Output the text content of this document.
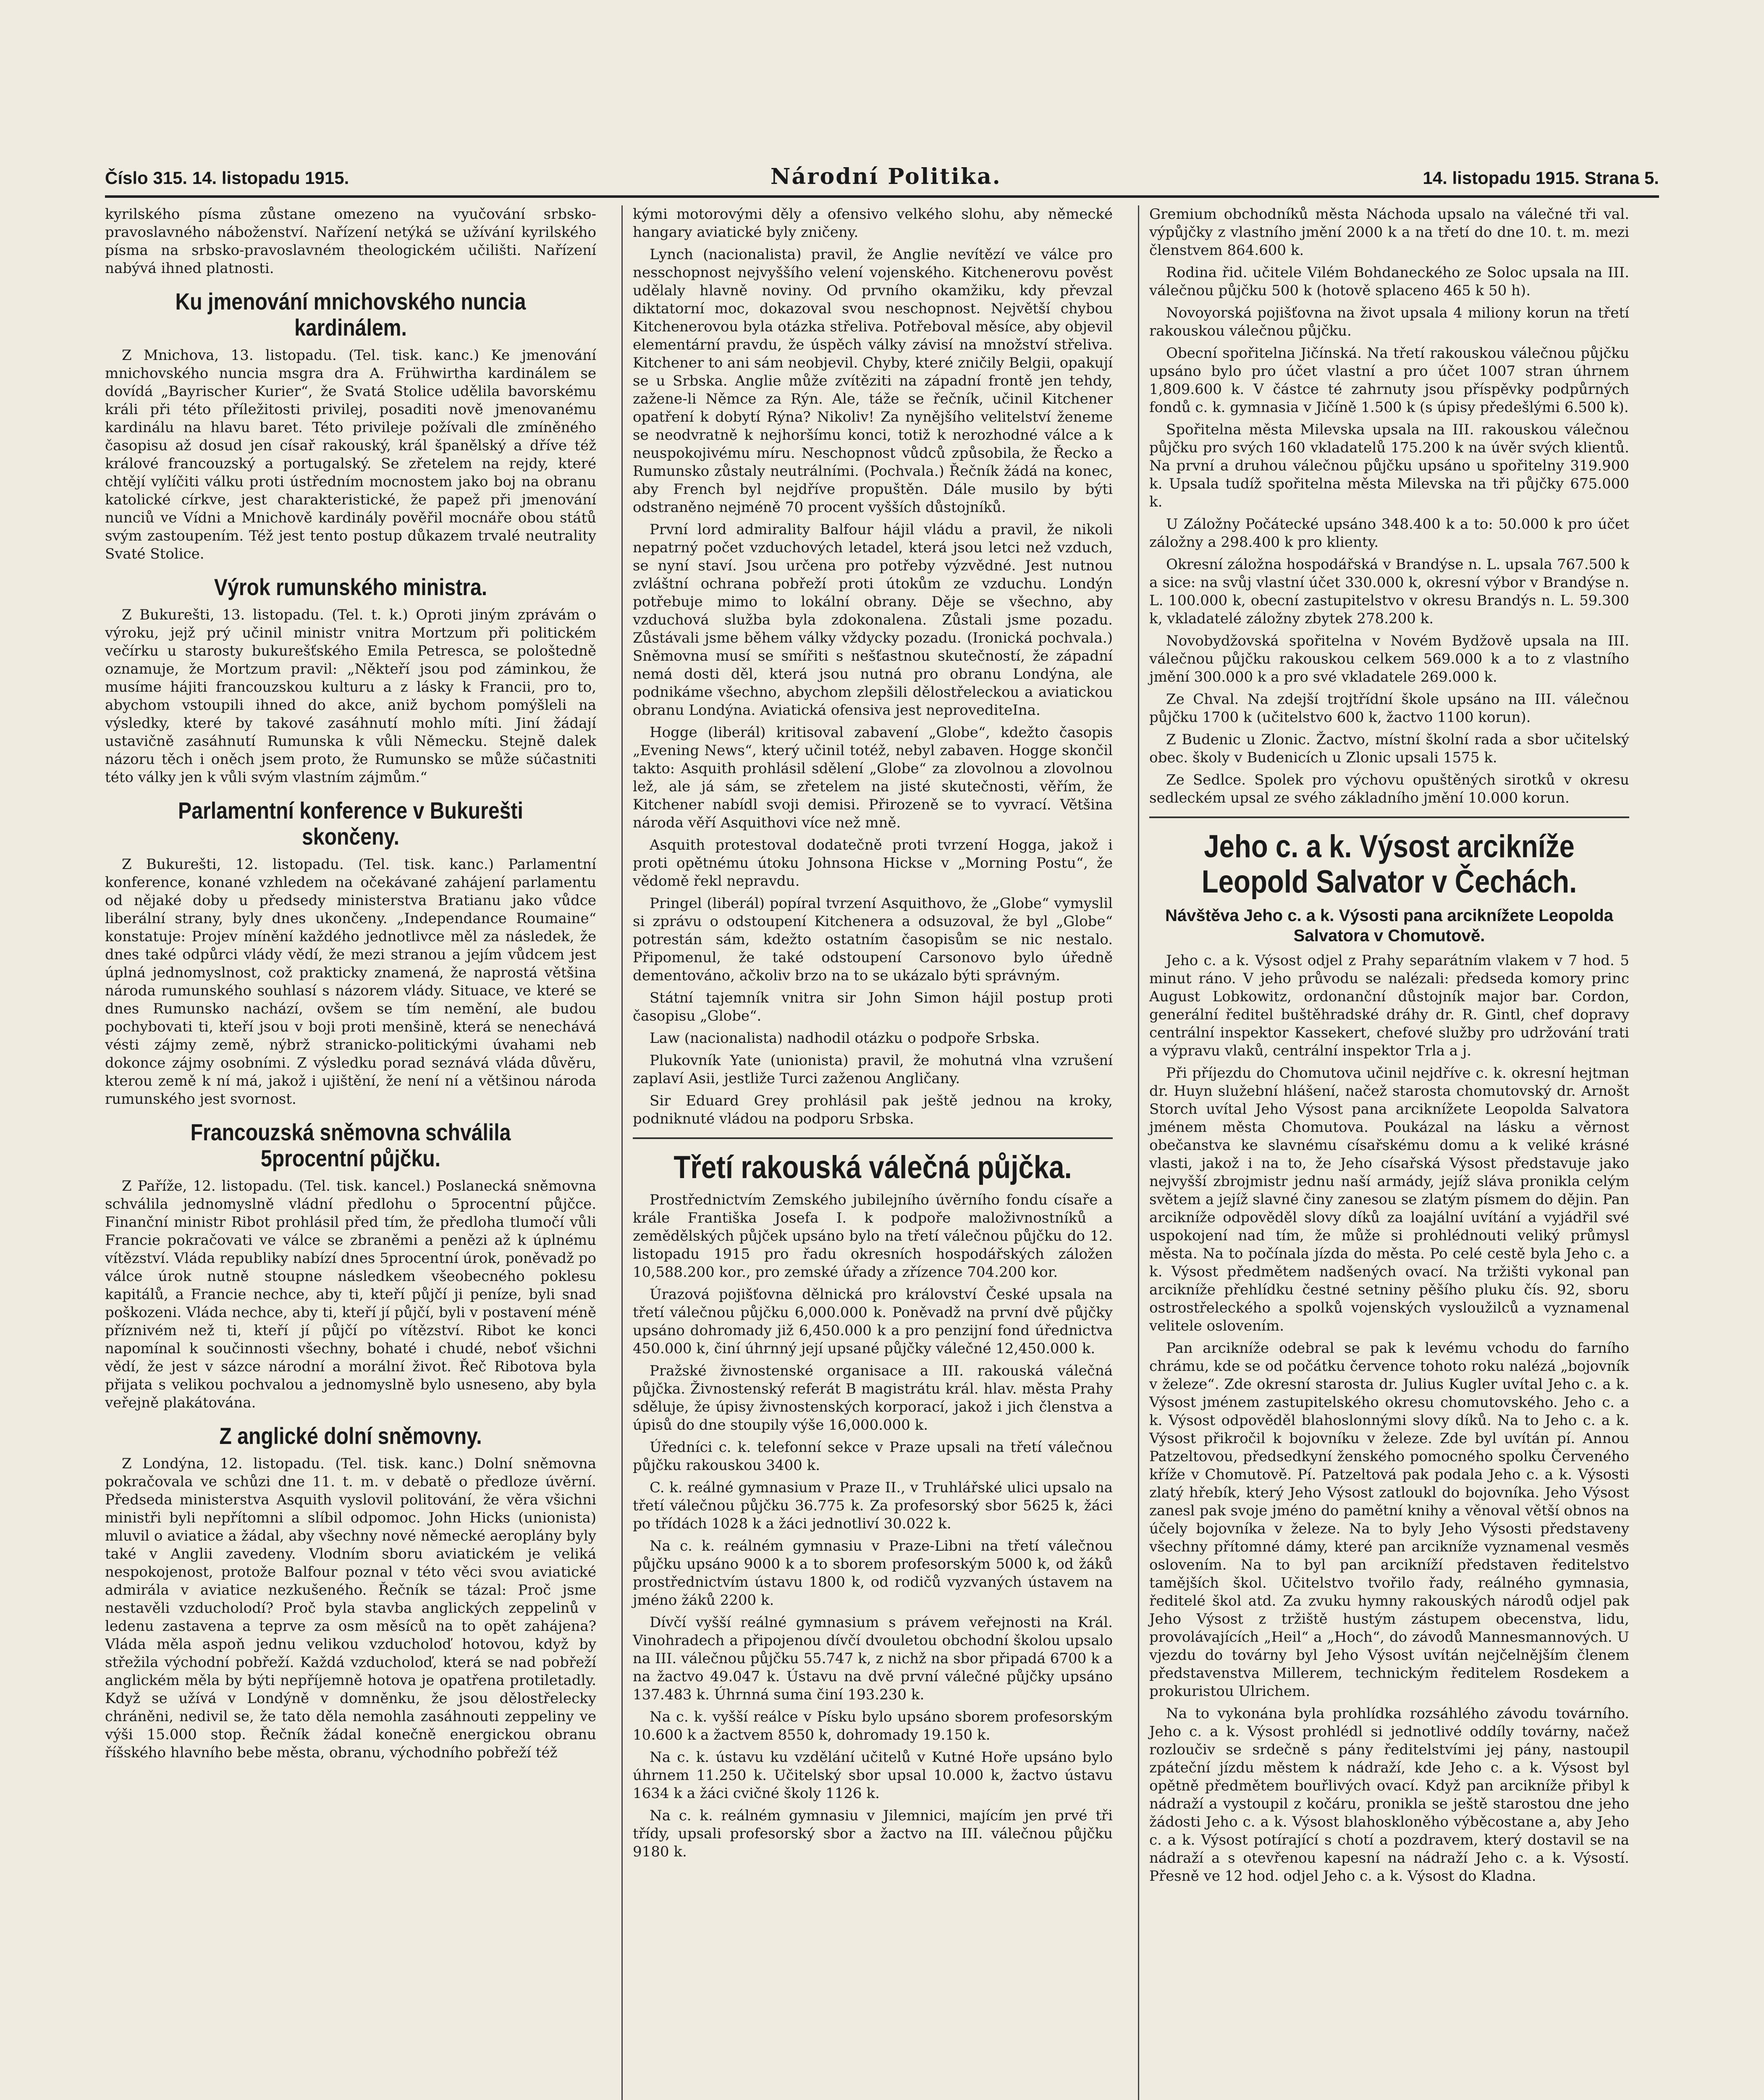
Číslo 315. 14. listopadu 1915.	Národní Politika.	14. listopadu 1915. Strana 5.

kyrilského písma zůstane omezeno na vyučování srbsko-pravoslavného náboženství. Nařízení netýká se užívání kyrilského písma na srbsko-pravoslavném theologickém učilišti. Nařízení nabývá ihned platnosti.

Ku jmenování mnichovského nuncia kardinálem.

Z Mnichova, 13. listopadu. (Tel. tisk. kanc.) Ke jmenování mnichovského nuncia msgra dra A. Frühwirtha kardinálem se dovídá „Bayrischer Kurier“, že Svatá Stolice udělila bavorskému králi při této příležitosti privilej, posaditi nově jmenovanému kardinálu na hlavu baret. Této privileje požívali dle zmíněného časopisu až dosud jen císař rakouský, král španělský a dříve též králové francouzský a portugalský. Se zřetelem na rejdy, které chtějí vylíčiti válku proti ústředním mocnostem jako boj na obranu katolické církve, jest charakteristické, že papež při jmenování nunciů ve Vídni a Mnichově kardinály pověřil mocnáře obou států svým zastoupením. Též jest tento postup důkazem trvalé neutrality Svaté Stolice.

Výrok rumunského ministra.

Z Bukurešti, 13. listopadu. (Tel. t. k.) Oproti jiným zprávám o výroku, jejž prý učinil ministr vnitra Mortzum při politickém večírku u starosty bukurešťského Emila Petresca, se pološtedně oznamuje, že Mortzum pravil: „Někteří jsou pod záminkou, že musíme hájiti francouzskou kulturu a z lásky k Francii, pro to, abychom vstoupili ihned do akce, aniž bychom pomýšleli na výsledky, které by takové zasáhnutí mohlo míti. Jiní žádají ustavičně zasáhnutí Rumunska k vůli Německu. Stejně dalek názoru těch i oněch jsem proto, že Rumunsko se může súčastniti této války jen k vůli svým vlastním zájmům.“

Parlamentní konference v Bukurešti skončeny.

Z Bukurešti, 12. listopadu. (Tel. tisk. kanc.) Parlamentní konference, konané vzhledem na očekávané zahájení parlamentu od nějaké doby u předsedy ministerstva Bratianu jako vůdce liberální strany, byly dnes ukončeny. „Independance Roumaine“ konstatuje: Projev mínění každého jednotlivce měl za následek, že dnes také odpůrci vlády vědí, že mezi stranou a jejím vůdcem jest úplná jednomyslnost, což prakticky znamená, že naprostá většina národa rumunského souhlasí s názorem vlády. Situace, ve které se dnes Rumunsko nachází, ovšem se tím nemění, ale budou pochybovati ti, kteří jsou v boji proti menšině, která se nenechává vésti zájmy země, nýbrž stranicko-politickými úvahami neb dokonce zájmy osobními. Z výsledku porad seznává vláda důvěru, kterou země k ní má, jakož i ujištění, že není ní a většinou národa rumunského jest svornost.

Francouzská sněmovna schválila 5procentní půjčku.

Z Paříže, 12. listopadu. (Tel. tisk. kancel.) Poslanecká sněmovna schválila jednomyslně vládní předlohu o 5procentní půjčce. Finanční ministr Ribot prohlásil před tím, že předloha tlumočí vůli Francie pokračovati ve válce se zbraněmi a penězi až k úplnému vítězství. Vláda republiky nabízí dnes 5procentní úrok, poněvadž po válce úrok nutně stoupne následkem všeobecného poklesu kapitálů, a Francie nechce, aby ti, kteří půjčí ji peníze, byli snad poškozeni. Vláda nechce, aby ti, kteří jí půjčí, byli v postavení méně příznivém než ti, kteří jí půjčí po vítězství. Ribot ke konci napomínal k součinnosti všechny, bohaté i chudé, neboť všichni vědí, že jest v sázce národní a morální život. Řeč Ribotova byla přijata s velikou pochvalou a jednomyslně bylo usneseno, aby byla veřejně plakátována.

Z anglické dolní sněmovny.

Z Londýna, 12. listopadu. (Tel. tisk. kanc.) Dolní sněmovna pokračovala ve schůzi dne 11. t. m. v debatě o předloze úvěrní. Předseda ministerstva Asquith vyslovil politování, že věra všichni ministři byli nepřítomni a slíbil odpomoc. John Hicks (unionista) mluvil o aviatice a žádal, aby všechny nové německé aeroplány byly také v Anglii zavedeny. Vlodním sboru aviatickém je veliká nespokojenost, protože Balfour poznal v této věci svou aviatické admirála v aviatice nezkušeného. Řečník se tázal: Proč jsme nestavěli vzducholodí? Proč byla stavba anglických zeppelinů v ledenu zastavena a teprve za osm měsíců na to opět zahájena? Vláda měla aspoň jednu velikou vzducholoď hotovou, když by střežila východní pobřeží. Každá vzducholoď, která se nad pobřeží anglickém měla by býti nepříjemně hotova je opatřena protiletadly. Když se užívá v Londýně v domněnku, že jsou dělostřelecky chráněni, nedivil se, že tato děla nemohla zasáhnouti zeppeliny ve výši 15.000 stop. Řečník žádal konečně energickou obranu říšského hlavního bebe města, obranu, východního pobřeží též

kými motorovými děly a ofensivo velkého slohu, aby německé hangary aviatické byly zničeny.

Lynch (nacionalista) pravil, že Anglie nevítězí ve válce pro nesschopnost nejvyššího velení vojenského. Kitchenerovu pověst udělaly hlavně noviny. Od prvního okamžiku, kdy převzal diktatorní moc, dokazoval svou neschopnost. Největší chybou Kitchenerovou byla otázka střeliva. Potřeboval měsíce, aby objevil elementární pravdu, že úspěch války závisí na množství střeliva. Kitchener to ani sám neobjevil. Chyby, které zničily Belgii, opakují se u Srbska. Anglie může zvítěziti na západní frontě jen tehdy, zažene-li Němce za Rýn. Ale, táže se řečník, učinil Kitchener opatření k dobytí Rýna? Nikoliv! Za nynějšího velitelství ženeme se neodvratně k nejhoršímu konci, totiž k nerozhodné válce a k neuspokojivému míru. Neschopnost vůdců způsobila, že Řecko a Rumunsko zůstaly neutrálními. (Pochvala.) Řečník žádá na konec, aby French byl nejdříve propuštěn. Dále musilo by býti odstraněno nejméně 70 procent vyšších důstojníků.

První lord admirality Balfour hájil vládu a pravil, že nikoli nepatrný počet vzduchových letadel, která jsou letci než vzduch, se nyní staví. Jsou určena pro potřeby výzvědné. Jest nutnou zvláštní ochrana pobřeží proti útokům ze vzduchu. Londýn potřebuje mimo to lokální obrany. Děje se všechno, aby vzduchová služba byla zdokonalena. Zůstali jsme pozadu. Zůstávali jsme během války vždycky pozadu. (Ironická pochvala.) Sněmovna musí se smířiti s nešťastnou skutečností, že západní nemá dosti děl, která jsou nutná pro obranu Londýna, ale podnikáme všechno, abychom zlepšili dělostřeleckou a aviatickou obranu Londýna. Aviatická ofensiva jest neprovediteIna.

Hogge (liberál) kritisoval zabavení „Globe“, kdežto časopis „Evening News“, který učinil totéž, nebyl zabaven. Hogge skončil takto: Asquith prohlásil sdělení „Globe“ za zlovolnou a zlovolnou lež, ale já sám, se zřetelem na jisté skutečnosti, věřím, že Kitchener nabídl svoji demisi. Přirozeně se to vyvrací. Většina národa věří Asquithovi více než mně.

Asquith protestoval dodatečně proti tvrzení Hogga, jakož i proti opětnému útoku Johnsona Hickse v „Morning Postu“, že vědomě řekl nepravdu.

Pringel (liberál) popíral tvrzení Asquithovo, že „Globe“ vymyslil si zprávu o odstoupení Kitchenera a odsuzoval, že byl „Globe“ potrestán sám, kdežto ostatním časopisům se nic nestalo. Připomenul, že také odstoupení Carsonovo bylo úředně dementováno, ačkoliv brzo na to se ukázalo býti správným.

Státní tajemník vnitra sir John Simon hájil postup proti časopisu „Globe“.

Law (nacionalista) nadhodil otázku o podpoře Srbska.

Plukovník Yate (unionista) pravil, že mohutná vlna vzrušení zaplaví Asii, jestliže Turci zaženou Angličany.

Sir Eduard Grey prohlásil pak ještě jednou na kroky, podniknuté vládou na podporu Srbska.

Třetí rakouská válečná půjčka.

Prostřednictvím Zemského jubilejního úvěrního fondu císaře a krále Františka Josefa I. k podpoře maloživnostníků a zemědělských půjček upsáno bylo na třetí válečnou půjčku do 12. listopadu 1915 pro řadu okresních hospodářských záložen 10,588.200 kor., pro zemské úřady a zřízence 704.200 kor.

Úrazová pojišťovna dělnická pro království České upsala na třetí válečnou půjčku 6,000.000 k. Poněvadž na první dvě půjčky upsáno dohromady již 6,450.000 k a pro penzijní fond úřednictva 450.000 k, činí úhrnný její upsané půjčky válečné 12,450.000 k.

Pražské živnostenské organisace a III. rakouská válečná půjčka. Živnostenský referát B magistrátu král. hlav. města Prahy sděluje, že úpisy živnostenských korporací, jakož i jich členstva a úpisů do dne stoupily výše 16,000.000 k.

Úředníci c. k. telefonní sekce v Praze upsali na třetí válečnou půjčku rakouskou 3400 k.

C. k. reálné gymnasium v Praze II., v Truhlářské ulici upsalo na třetí válečnou půjčku 36.775 k. Za profesorský sbor 5625 k, žáci po třídách 1028 k a žáci jednotliví 30.022 k.

Na c. k. reálném gymnasiu v Praze-Libni na třetí válečnou půjčku upsáno 9000 k a to sborem profesorským 5000 k, od žáků prostřednictvím ústavu 1800 k, od rodičů vyzvaných ústavem na jméno žáků 2200 k.

Dívčí vyšší reálné gymnasium s právem veřejnosti na Král. Vinohradech a připojenou dívčí dvouletou obchodní školou upsalo na III. válečnou půjčku 55.747 k, z nichž na sbor připadá 6700 k a na žactvo 49.047 k. Ústavu na dvě první válečné půjčky upsáno 137.483 k. Úhrnná suma činí 193.230 k.

Na c. k. vyšší reálce v Písku bylo upsáno sborem profesorským 10.600 k a žactvem 8550 k, dohromady 19.150 k.

Na c. k. ústavu ku vzdělání učitelů v Kutné Hoře upsáno bylo úhrnem 11.250 k. Učitelský sbor upsal 10.000 k, žactvo ústavu 1634 k a žáci cvičné školy 1126 k.

Na c. k. reálném gymnasiu v Jilemnici, majícím jen prvé tři třídy, upsali profesorský sbor a žactvo na III. válečnou půjčku 9180 k.

Gremium obchodníků města Náchoda upsalo na válečné tři val. výpůjčky z vlastního jmění 2000 k a na třetí do dne 10. t. m. mezi členstvem 864.600 k.

Rodina řid. učitele Vilém Bohdaneckého ze Soloc upsala na III. válečnou půjčku 500 k (hotově splaceno 465 k 50 h).

Novoyorská pojišťovna na život upsala 4 miliony korun na třetí rakouskou válečnou půjčku.

Obecní spořitelna Jičínská. Na třetí rakouskou válečnou půjčku upsáno bylo pro účet vlastní a pro účet 1007 stran úhrnem 1,809.600 k. V částce té zahrnuty jsou příspěvky podpůrných fondů c. k. gymnasia v Jičíně 1.500 k (s úpisy předešlými 6.500 k).

Spořitelna města Milevska upsala na III. rakouskou válečnou půjčku pro svých 160 vkladatelů 175.200 k na úvěr svých klientů. Na první a druhou válečnou půjčku upsáno u spořitelny 319.900 k. Upsala tudíž spořitelna města Milevska na tři půjčky 675.000 k.

U Záložny Počátecké upsáno 348.400 k a to: 50.000 k pro účet záložny a 298.400 k pro klienty.

Okresní záložna hospodářská v Brandýse n. L. upsala 767.500 k a sice: na svůj vlastní účet 330.000 k, okresní výbor v Brandýse n. L. 100.000 k, obecní zastupitelstvo v okresu Brandýs n. L. 59.300 k, vkladatelé záložny zbytek 278.200 k.

Novobydžovská spořitelna v Novém Bydžově upsala na III. válečnou půjčku rakouskou celkem 569.000 k a to z vlastního jmění 300.000 k a pro své vkladatele 269.000 k.

Ze Chval. Na zdejší trojtřídní škole upsáno na III. válečnou půjčku 1700 k (učitelstvo 600 k, žactvo 1100 korun).

Z Budenic u Zlonic. Žactvo, místní školní rada a sbor učitelský obec. školy v Budenicích u Zlonic upsali 1575 k.

Ze Sedlce. Spolek pro výchovu opuštěných sirotků v okresu sedleckém upsal ze svého základního jmění 10.000 korun.

Jeho c. a k. Výsost arcikníže Leopold Salvator v Čechách.
Návštěva Jeho c. a k. Výsosti pana arciknížete Leopolda Salvatora v Chomutově.

Jeho c. a k. Výsost odjel z Prahy separátním vlakem v 7 hod. 5 minut ráno. V jeho průvodu se nalézali: předseda komory princ August Lobkowitz, ordonanční důstojník major bar. Cordon, generální ředitel buštěhradské dráhy dr. R. Gintl, chef dopravy centrální inspektor Kassekert, chefové služby pro udržování trati a výpravu vlaků, centrální inspektor Trla a j.

Při příjezdu do Chomutova učinil nejdříve c. k. okresní hejtman dr. Huyn služební hlášení, načež starosta chomutovský dr. Arnošt Storch uvítal Jeho Výsost pana arciknížete Leopolda Salvatora jménem města Chomutova. Poukázal na lásku a věrnost obečanstva ke slavnému císařskému domu a k veliké krásné vlasti, jakož i na to, že Jeho císařská Výsost představuje jako nejvyšší zbrojmistr jednu naší armády, jejíž sláva pronikla celým světem a jejíž slavné činy zanesou se zlatým písmem do dějin. Pan arcikníže odpověděl slovy díků za loajální uvítání a vyjádřil své uspokojení nad tím, že může si prohlédnouti veliký průmysl města. Na to počínala jízda do města. Po celé cestě byla Jeho c. a k. Výsost předmětem nadšených ovací. Na tržišti vykonal pan arcikníže přehlídku čestné setniny pěšího pluku čís. 92, sboru ostrostřeleckého a spolků vojenských vysloužilců a vyznamenal velitele oslovením.

Pan arcikníže odebral se pak k levému vchodu do farního chrámu, kde se od počátku července tohoto roku nalézá „bojovník v železe“. Zde okresní starosta dr. Julius Kugler uvítal Jeho c. a k. Výsost jménem zastupitelského okresu chomutovského. Jeho c. a k. Výsost odpověděl blahoslonnými slovy díků. Na to Jeho c. a k. Výsost přikročil k bojovníku v železe. Zde byl uvítán pí. Annou Patzeltovou, předsedkyní ženského pomocného spolku Červeného kříže v Chomutově. Pí. Patzeltová pak podala Jeho c. a k. Výsosti zlatý hřebík, který Jeho Výsost zatloukl do bojovníka. Jeho Výsost zanesl pak svoje jméno do pamětní knihy a věnoval větší obnos na účely bojovníka v železe. Na to byly Jeho Výsosti představeny všechny přítomné dámy, které pan arcikníže vyznamenal vesměs oslovením. Na to byl pan arcikníží představen ředitelstvo tamějších škol. Učitelstvo tvořilo řady, reálného gymnasia, ředitelé škol atd. Za zvuku hymny rakouských národů odjel pak Jeho Výsost z tržiště hustým zástupem obecenstva, lidu, provolávajících „Heil“ a „Hoch“, do závodů Mannesmannových. U vjezdu do továrny byl Jeho Výsost uvítán nejčelnějším členem představenstva Millerem, technickým ředitelem Rosdekem a prokuristou Ulrichem.

Na to vykonána byla prohlídka rozsáhlého závodu továrního. Jeho c. a k. Výsost prohlédl si jednotlivé oddíly továrny, načež rozloučiv se srdečně s pány ředitelstvími jej pány, nastoupil zpáteční jízdu městem k nádraží, kde Jeho c. a k. Výsost byl opětně předmětem bouřlivých ovací. Když pan arcikníže přibyl k nádraží a vystoupil z kočáru, pronikla se ještě starostou dne jeho žádosti Jeho c. a k. Výsost blahoskloněho výběcostane a, aby Jeho c. a k. Výsost potírající s chotí a pozdravem, který dostavil se na nádraží a s otevřenou kapesní na nádraží Jeho c. a k. Výsostí. Přesně ve 12 hod. odjel Jeho c. a k. Výsost do Kladna.
